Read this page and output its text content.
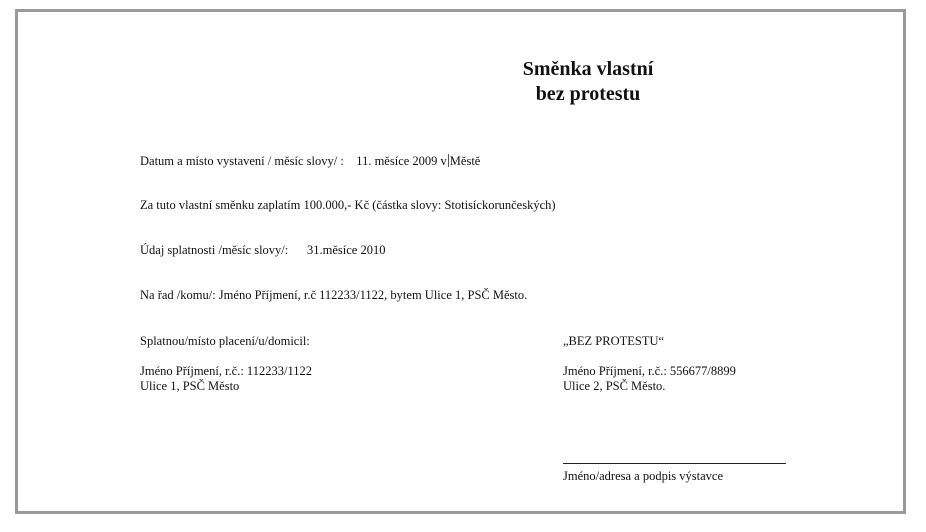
Směnka vlastní
bez protestu
Datum a místo vystavení / měsíc slovy/ : 11. měsíce 2009 v Městě
Za tuto vlastní směnku zaplatím 100.000,- Kč (částka slovy: Stotisíckorunčeských)
Údaj splatnosti /měsíc slovy/: 31.měsíce 2010
Na řad /komu/: Jméno Příjmení, r.č 112233/1122, bytem Ulice 1, PSČ Město.
Splatnou/místo placení/u/domicil:
Jméno Příjmení, r.č.: 112233/1122
Ulice 1, PSČ Město
„BEZ PROTESTU“
Jméno Příjmení, r.č.: 556677/8899
Ulice 2, PSČ Město.
Jméno/adresa a podpis výstavce
